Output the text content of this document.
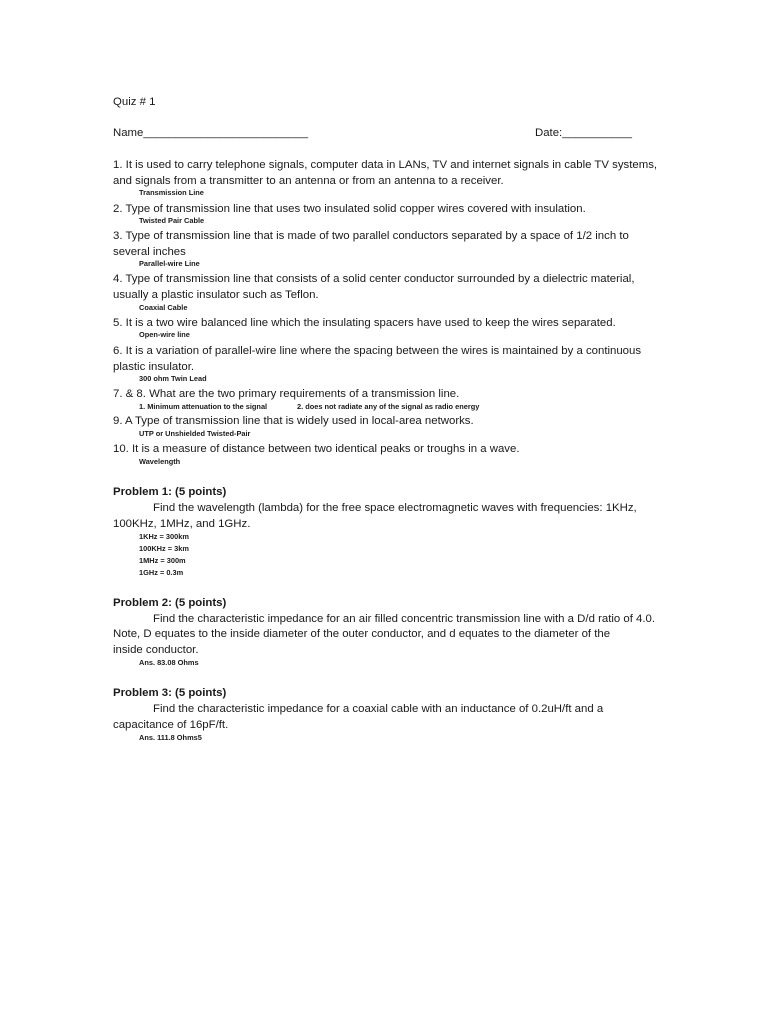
Quiz # 1
Name__________________________	Date:___________
1. It is used to carry telephone signals, computer data in LANs, TV and internet signals in cable TV systems, and signals from a transmitter to an antenna or from an antenna to a receiver.
Transmission Line
2. Type of transmission line that uses two insulated solid copper wires covered with insulation.
Twisted Pair Cable
3. Type of transmission line that is made of two parallel conductors separated by a space of 1/2 inch to several inches
Parallel-wire Line
4. Type of transmission line that consists of a solid center conductor surrounded by a dielectric material, usually a plastic insulator such as Teflon.
Coaxial Cable
5. It is a two wire balanced line which the insulating spacers have used to keep the wires separated.
Open-wire line
6. It is a variation of parallel-wire line where the spacing between the wires is maintained by a continuous plastic insulator.
300 ohm Twin Lead
7. & 8. What are the two primary requirements of a transmission line.
1. Minimum attenuation to the signal	2. does not radiate any of the signal as radio energy
9. A Type of transmission line that is widely used in local-area networks.
UTP or Unshielded Twisted-Pair
10. It is a measure of distance between two identical peaks or troughs in a wave.
Wavelength
Problem 1: (5 points)
Find the wavelength (lambda) for the free space electromagnetic waves with frequencies: 1KHz,
100KHz, 1MHz, and 1GHz.
1KHz = 300km
100KHz = 3km
1MHz = 300m
1GHz = 0.3m
Problem 2: (5 points)
Find the characteristic impedance for an air filled concentric transmission line with a D/d ratio of 4.0.
Note, D equates to the inside diameter of the outer conductor, and d equates to the diameter of the
inside conductor.
Ans. 83.08 Ohms
Problem 3: (5 points)
Find the characteristic impedance for a coaxial cable with an inductance of 0.2uH/ft and a
capacitance of 16pF/ft.
Ans. 111.8 Ohms5
